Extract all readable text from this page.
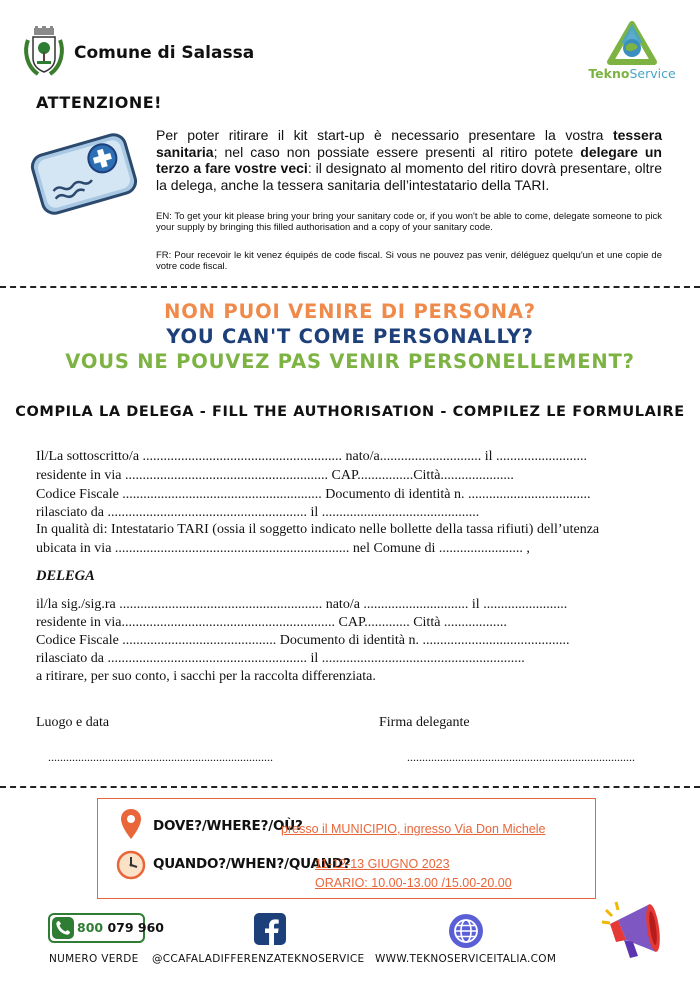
Comune di Salassa
TeknoService
ATTENZIONE!
Per poter ritirare il kit start-up è necessario presentare la vostra tessera sanitaria; nel caso non possiate essere presenti al ritiro potete delegare un terzo a fare vostre veci: il designato al momento del ritiro dovrà presentare, oltre la delega, anche la tessera sanitaria dell’intestatario della TARI.
EN: To get your kit please bring your bring your sanitary code or, if you won't be able to come, delegate someone to pick your supply by bringing this filled authorisation and a copy of your sanitary code.
FR: Pour recevoir le kit venez équipés de code fiscal. Si vous ne pouvez pas venir, déléguez quelqu'un et une copie de votre code fiscal.
NON PUOI VENIRE DI PERSONA?
YOU CAN'T COME PERSONALLY?
VOUS NE POUVEZ PAS VENIR PERSONELLEMENT?
COMPILA LA DELEGA - FILL THE AUTHORISATION - COMPILEZ LE FORMULAIRE
Il/La sottoscritto/a ......................................................... nato/a............................. il ..........................
residente in via .......................................................... CAP................Città.....................
Codice Fiscale ......................................................... Documento di identità n. ...................................
rilasciato da ......................................................... il .............................................
In qualità di: Intestatario TARI (ossia il soggetto indicato nelle bollette della tassa rifiuti) dell’utenza
ubicata in via ................................................................... nel Comune di ........................ ,
DELEGA
il/la sig./sig.ra .......................................................... nato/a .............................. il ........................
residente in via............................................................. CAP............. Città ..................
Codice Fiscale ............................................ Documento di identità n. ..........................................
rilasciato da ......................................................... il ..........................................................
a ritirare, per suo conto, i sacchi per la raccolta differenziata.
Luogo e data
...........................................................................
Firma delegante
............................................................................
DOVE?/WHERE?/OÙ?
presso il MUNICIPIO, ingresso Via Don Michele
QUANDO?/WHEN?/QUAND?
11-12-13 GIUGNO 2023
ORARIO: 10.00-13.00 /15.00-20.00
800 079 960
NUMERO VERDE @CCAFALADIFFERENZATEKNOSERVICE WWW.TEKNOSERVICEITALIA.COM
